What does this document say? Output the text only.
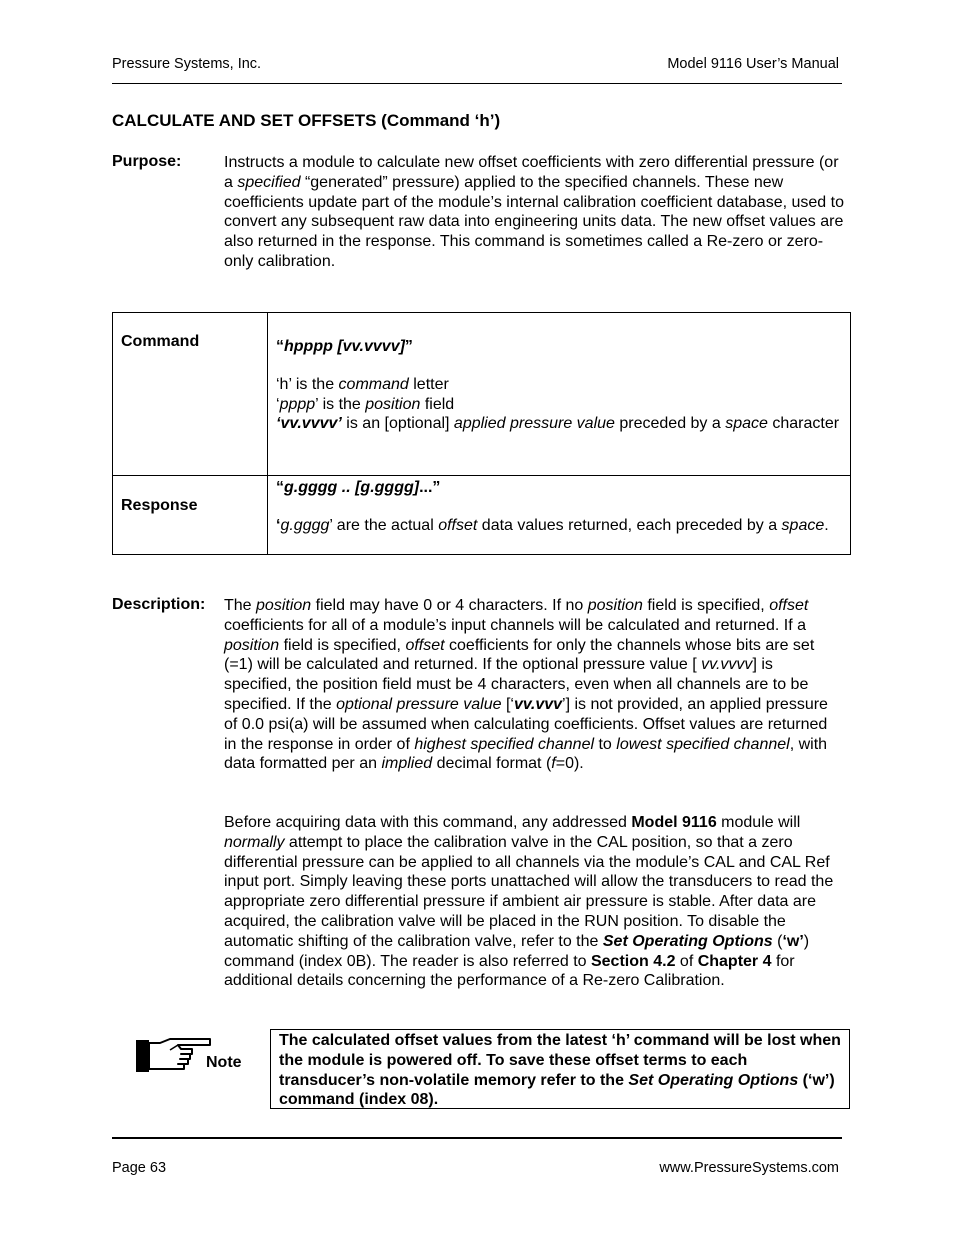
Pressure Systems, Inc.	Model 9116 User’s Manual
CALCULATE AND SET OFFSETS (Command ‘h’)
Purpose:	Instructs a module to calculate new offset coefficients with zero differential pressure (or a specified “generated” pressure) applied to the specified channels. These new coefficients update part of the module’s internal calibration coefficient database, used to convert any subsequent raw data into engineering units data. The new offset values are also returned in the response. This command is sometimes called a Re-zero or zero-only calibration.
Command	“hpppp [vv.vvvv]”
‘h’ is the command letter
‘pppp’ is the position field
‘vv.vvvv’ is an [optional] applied pressure value preceded by a space character

Response	“g.gggg .. [g.gggg]...”
‘g.gggg’ are the actual offset data values returned, each preceded by a space.
Description: The position field may have 0 or 4 characters. If no position field is specified, offset coefficients for all of a module’s input channels will be calculated and returned. If a position field is specified, offset coefficients for only the channels whose bits are set (=1) will be calculated and returned. If the optional pressure value [ vv.vvvv] is specified, the position field must be 4 characters, even when all channels are to be specified. If the optional pressure value [‘vv.vvv’] is not provided, an applied pressure of 0.0 psi(a) will be assumed when calculating coefficients. Offset values are returned in the response in order of highest specified channel to lowest specified channel, with data formatted per an implied decimal format (f=0).
Before acquiring data with this command, any addressed Model 9116 module will normally attempt to place the calibration valve in the CAL position, so that a zero differential pressure can be applied to all channels via the module’s CAL and CAL Ref input port. Simply leaving these ports unattached will allow the transducers to read the appropriate zero differential pressure if ambient air pressure is stable. After data are acquired, the calibration valve will be placed in the RUN position. To disable the automatic shifting of the calibration valve, refer to the Set Operating Options (‘w’) command (index 0B). The reader is also referred to Section 4.2 of Chapter 4 for additional details concerning the performance of a Re-zero Calibration.
Note
The calculated offset values from the latest ‘h’ command will be lost when the module is powered off. To save these offset terms to each transducer’s non-volatile memory refer to the Set Operating Options (‘w’) command (index 08).
Page 63	www.PressureSystems.com
